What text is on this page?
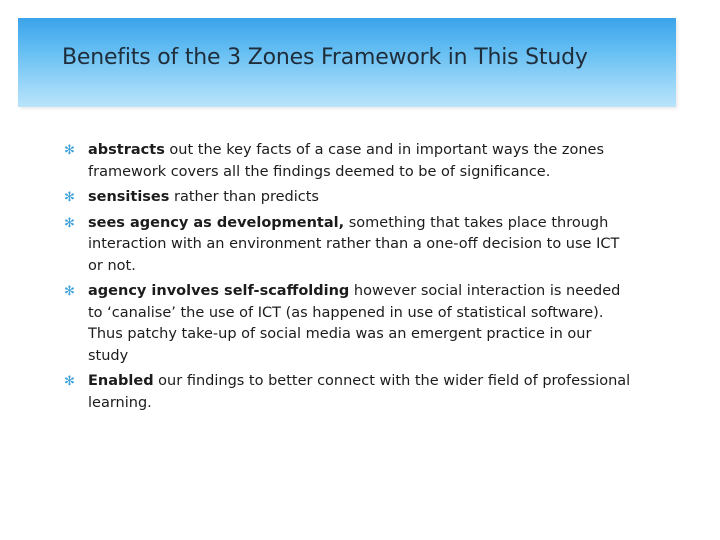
Benefits of the 3 Zones Framework in This Study
✻ abstracts out the key facts of a case and in important ways the zones framework covers all the findings deemed to be of significance.
✻ sensitises rather than predicts
✻ sees agency as developmental, something that takes place through interaction with an environment rather than a one-off decision to use ICT or not.
✻ agency involves self-scaffolding however social interaction is needed to ‘canalise’ the use of ICT (as happened in use of statistical software). Thus patchy take-up of social media was an emergent practice in our study
✻ Enabled our findings to better connect with the wider field of professional learning.
